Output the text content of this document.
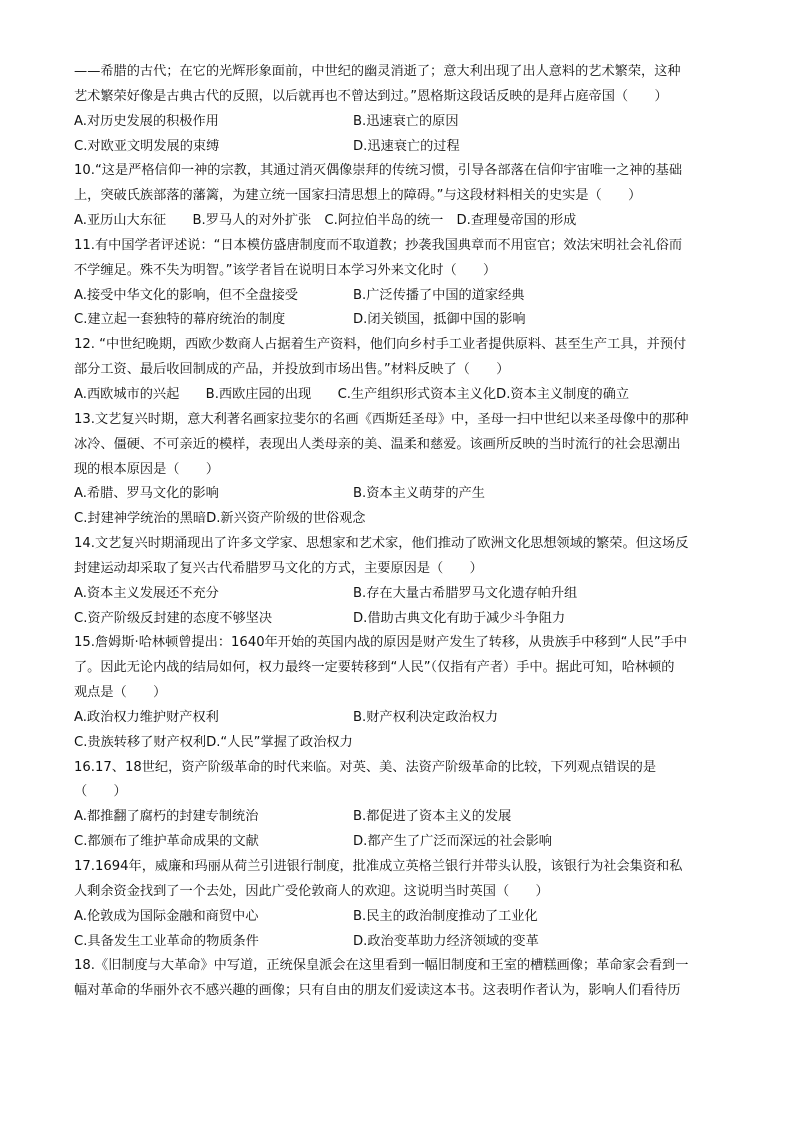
——希腊的古代；在它的光辉形象面前，中世纪的幽灵消逝了；意大利出现了出人意料的艺术繁荣，这种
艺术繁荣好像是古典古代的反照，以后就再也不曾达到过。”恩格斯这段话反映的是拜占庭帝国（　　）
A.对历史发展的积极作用	B.迅速衰亡的原因
C.对欧亚文明发展的束缚	D.迅速衰亡的过程
10.“这是严格信仰一神的宗教，其通过消灭偶像崇拜的传统习惯，引导各部落在信仰宇宙唯一之神的基础
上，突破氏族部落的藩篱，为建立统一国家扫清思想上的障碍。”与这段材料相关的史实是（　　）
A.亚历山大东征　　B.罗马人的对外扩张　C.阿拉伯半岛的统一　D.查理曼帝国的形成
11.有中国学者评述说：“日本模仿盛唐制度而不取道教；抄袭我国典章而不用宦官；效法宋明社会礼俗而
不学缠足。殊不失为明智。”该学者旨在说明日本学习外来文化时（　　）
A.接受中华文化的影响，但不全盘接受	B.广泛传播了中国的道家经典
C.建立起一套独特的幕府统治的制度	D.闭关锁国，抵御中国的影响
12. “中世纪晚期，西欧少数商人占据着生产资料，他们向乡村手工业者提供原料、甚至生产工具，并预付
部分工资、最后收回制成的产品，并投放到市场出售。”材料反映了（　　）
A.西欧城市的兴起　　B.西欧庄园的出现　　C.生产组织形式资本主义化D.资本主义制度的确立
13.文艺复兴时期，意大利著名画家拉斐尔的名画《西斯廷圣母》中，圣母一扫中世纪以来圣母像中的那种
冰冷、僵硬、不可亲近的模样，表现出人类母亲的美、温柔和慈爱。该画所反映的当时流行的社会思潮出
现的根本原因是（　　）
A.希腊、罗马文化的影响	B.资本主义萌芽的产生
C.封建神学统治的黑暗D.新兴资产阶级的世俗观念
14.文艺复兴时期涌现出了许多文学家、思想家和艺术家，他们推动了欧洲文化思想领域的繁荣。但这场反
封建运动却采取了复兴古代希腊罗马文化的方式，主要原因是（　　）
A.资本主义发展还不充分	B.存在大量古希腊罗马文化遗存帕升组
C.资产阶级反封建的态度不够坚决	D.借助古典文化有助于减少斗争阻力
15.詹姆斯·哈林顿曾提出：1640年开始的英国内战的原因是财产发生了转移，从贵族手中移到“人民”手中
了。因此无论内战的结局如何，权力最终一定要转移到“人民”（仅指有产者）手中。据此可知，哈林顿的
观点是（　　）
A.政治权力维护财产权利	B.财产权利决定政治权力
C.贵族转移了财产权利D.“人民”掌握了政治权力
16.17、18世纪，资产阶级革命的时代来临。对英、美、法资产阶级革命的比较，下列观点错误的是
（　　）
A.都推翻了腐朽的封建专制统治	B.都促进了资本主义的发展
C.都颁布了维护革命成果的文献	D.都产生了广泛而深远的社会影响
17.1694年，威廉和玛丽从荷兰引进银行制度，批准成立英格兰银行并带头认股，该银行为社会集资和私
人剩余资金找到了一个去处，因此广受伦敦商人的欢迎。这说明当时英国（　　）
A.伦敦成为国际金融和商贸中心	B.民主的政治制度推动了工业化
C.具备发生工业革命的物质条件	D.政治变革助力经济领域的变革
18.《旧制度与大革命》中写道，正统保皇派会在这里看到一幅旧制度和王室的槽糕画像；革命家会看到一
幅对革命的华丽外衣不感兴趣的画像；只有自由的朋友们爱读这本书。这表明作者认为，影响人们看待历
